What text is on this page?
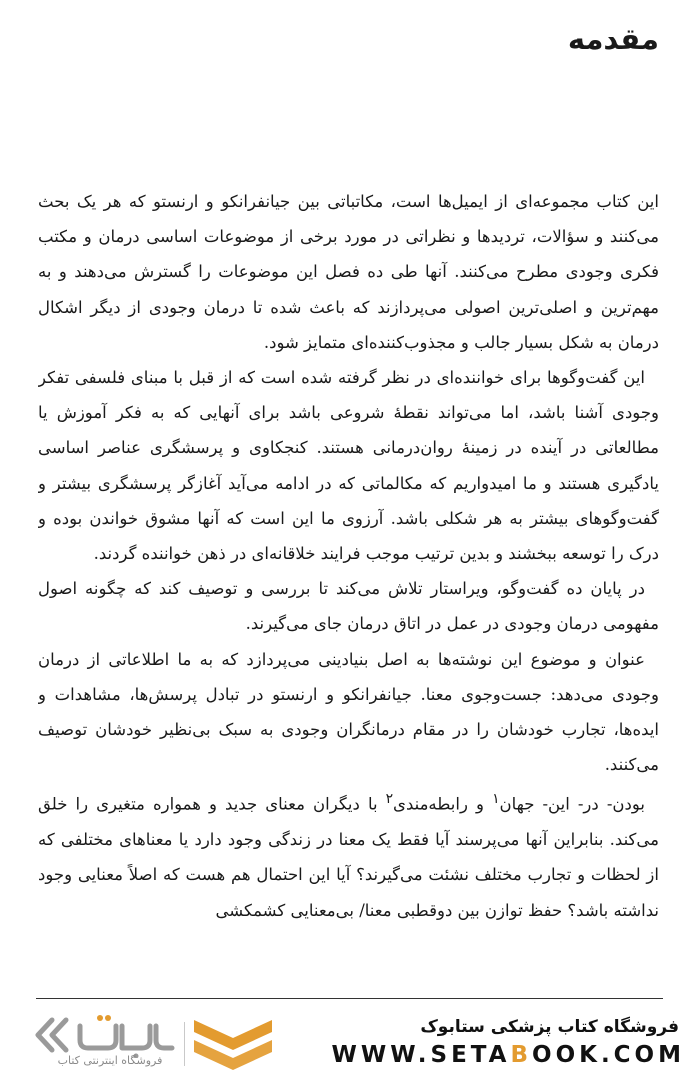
مقدمه

این کتاب مجموعه‌ای از ایمیل‌ها است، مکاتباتی بین جیانفرانکو و ارنستو که هر یک بحث می‌کنند و سؤالات، تردیدها و نظراتی در مورد برخی از موضوعات اساسی درمان و مکتب فکری وجودی مطرح می‌کنند. آنها طی ده فصل این موضوعات را گسترش می‌دهند و به مهم‌ترین و اصلی‌ترین اصولی می‌پردازند که باعث شده تا درمان وجودی از دیگر اشکال درمان به شکل بسیار جالب و مجذوب‌کننده‌ای متمایز شود.

این گفت‌وگوها برای خواننده‌ای در نظر گرفته شده است که از قبل با مبنای فلسفی تفکر وجودی آشنا باشد، اما می‌تواند نقطهٔ شروعی باشد برای آنهایی که به فکر آموزش یا مطالعاتی در آینده در زمینهٔ روان‌درمانی هستند. کنجکاوی و پرسشگری عناصر اساسی یادگیری هستند و ما امیدواریم که مکالماتی که در ادامه می‌آید آغازگر پرسشگری بیشتر و گفت‌وگوهای بیشتر به هر شکلی باشد. آرزوی ما این است که آنها مشوق خواندن بوده و درک را توسعه ببخشند و بدین ترتیب موجب فرایند خلاقانه‌ای در ذهن خواننده گردند.

در پایان ده گفت‌وگو، ویراستار تلاش می‌کند تا بررسی و توصیف کند که چگونه اصول مفهومی درمان وجودی در عمل در اتاق درمان جای می‌گیرند.

عنوان و موضوع این نوشته‌ها به اصل بنیادینی می‌پردازد که به ما اطلاعاتی از درمان وجودی می‌دهد: جست‌وجوی معنا. جیانفرانکو و ارنستو در تبادل پرسش‌ها، مشاهدات و ایده‌ها، تجارب خودشان را در مقام درمانگران وجودی به سبک بی‌نظیر خودشان توصیف می‌کنند.

بودن- در- این- جهان$^۱$ و رابطه‌مندی$^۲$ با دیگران معنای جدید و همواره متغیری را خلق می‌کند. بنابراین آنها می‌پرسند آیا فقط یک معنا در زندگی وجود دارد یا معناهای مختلفی که از لحظات و تجارب مختلف نشئت می‌گیرند؟ آیا این احتمال هم هست که اصلاً معنایی وجود نداشته باشد؟ حفظ توازن بین دوقطبی معنا/ بی‌معنایی کشمکشی

فروشگاه کتاب پزشکی ستابوک
WWW.SETABOOK.COM
فروشگاه اینترنتی کتاب
